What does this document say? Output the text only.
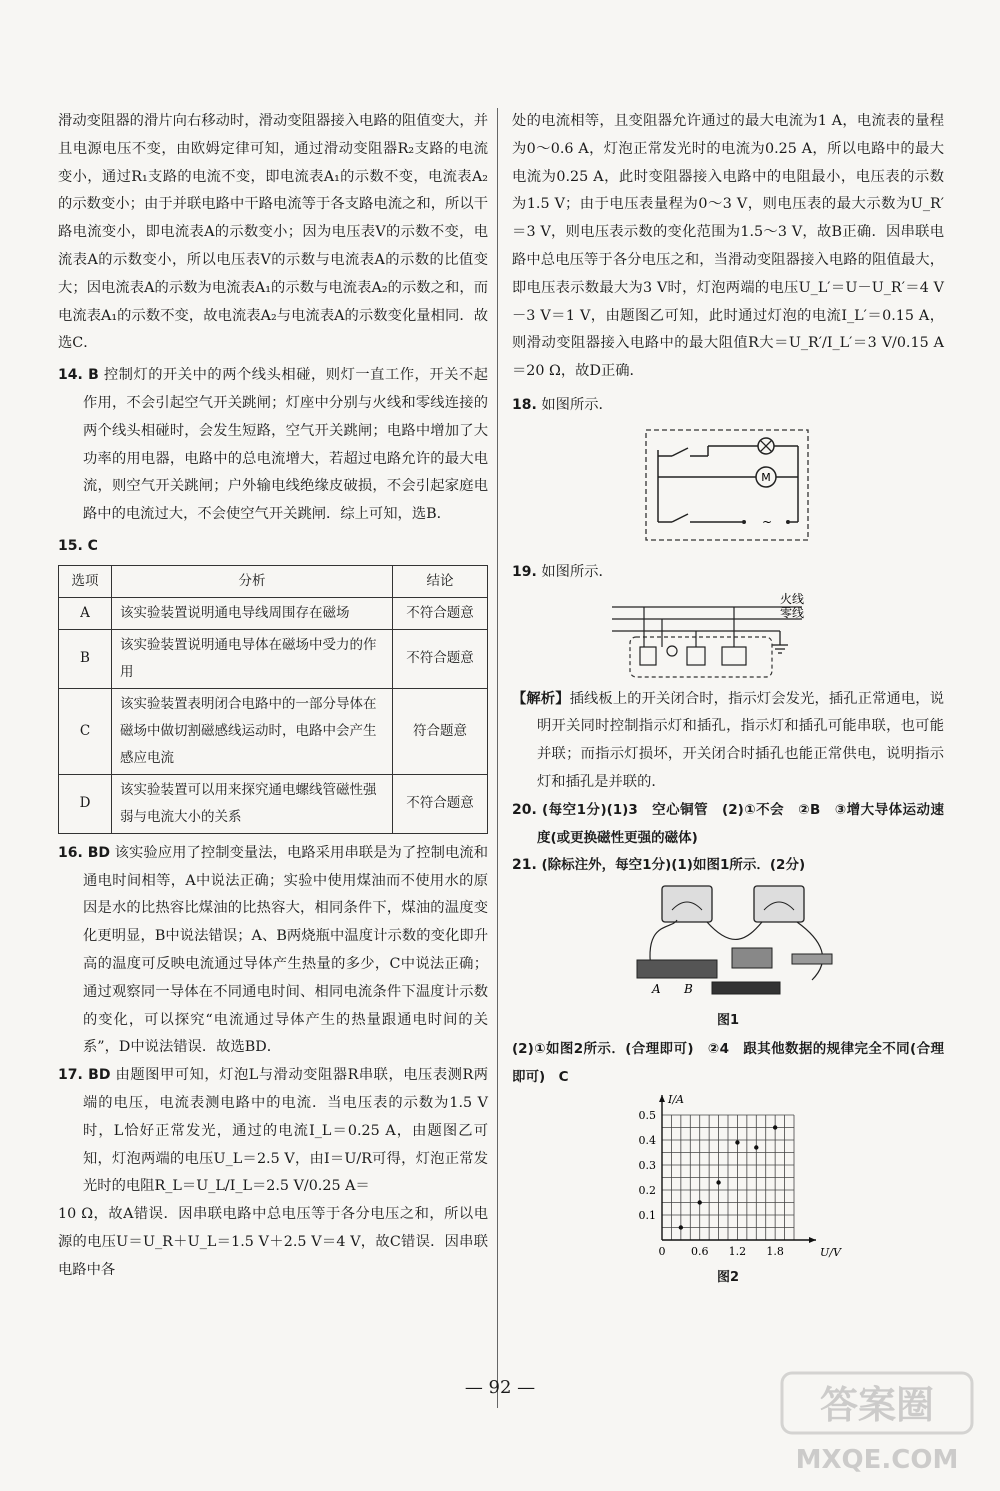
滑动变阻器的滑片向右移动时，滑动变阻器接入电路的阻值变大，并且电源电压不变，由欧姆定律可知，通过滑动变阻器R₂支路的电流变小，通过R₁支路的电流不变，即电流表A₁的示数不变，电流表A₂的示数变小；由于并联电路中干路电流等于各支路电流之和，所以干路电流变小，即电流表A的示数变小；因为电压表V的示数不变，电流表A的示数变小，所以电压表V的示数与电流表A的示数的比值变大；因电流表A的示数为电流表A₁的示数与电流表A₂的示数之和，而电流表A₁的示数不变，故电流表A₂与电流表A的示数变化量相同．故选C．

14. B 控制灯的开关中的两个线头相碰，则灯一直工作，开关不起作用，不会引起空气开关跳闸；灯座中分别与火线和零线连接的两个线头相碰时，会发生短路，空气开关跳闸；电路中增加了大功率的用电器，电路中的总电流增大，若超过电路允许的最大电流，则空气开关跳闸；户外输电线绝缘皮破损，不会引起家庭电路中的电流过大，不会使空气开关跳闸．综上可知，选B．

15. C

选项	分析	结论
A	该实验装置说明通电导线周围存在磁场	不符合题意
B	该实验装置说明通电导体在磁场中受力的作用	不符合题意
C	该实验装置表明闭合电路中的一部分导体在磁场中做切割磁感线运动时，电路中会产生感应电流	符合题意
D	该实验装置可以用来探究通电螺线管磁性强弱与电流大小的关系	不符合题意

16. BD 该实验应用了控制变量法，电路采用串联是为了控制电流和通电时间相等，A中说法正确；实验中使用煤油而不使用水的原因是水的比热容比煤油的比热容大，相同条件下，煤油的温度变化更明显，B中说法错误；A、B两烧瓶中温度计示数的变化即升高的温度可反映电流通过导体产生热量的多少，C中说法正确；通过观察同一导体在不同通电时间、相同电流条件下温度计示数的变化，可以探究“电流通过导体产生的热量跟通电时间的关系”，D中说法错误．故选BD．

17. BD 由题图甲可知，灯泡L与滑动变阻器R串联，电压表测R两端的电压，电流表测电路中的电流．当电压表的示数为1.5 V时，L恰好正常发光，通过的电流I_L＝0.25 A，由题图乙可知，灯泡两端的电压U_L＝2.5 V，由I＝U/R可得，灯泡正常发光时的电阻R_L＝U_L/I_L＝2.5 V/0.25 A＝

10 Ω，故A错误．因串联电路中总电压等于各分电压之和，所以电源的电压U＝U_R＋U_L＝1.5 V＋2.5 V＝4 V，故C错误．因串联电路中各

处的电流相等，且变阻器允许通过的最大电流为1 A，电流表的量程为0～0.6 A，灯泡正常发光时的电流为0.25 A，所以电路中的最大电流为0.25 A，此时变阻器接入电路中的电阻最小，电压表的示数为1.5 V；由于电压表量程为0～3 V，则电压表的最大示数为U_R′＝3 V，则电压表示数的变化范围为1.5～3 V，故B正确．因串联电路中总电压等于各分电压之和，当滑动变阻器接入电路的阻值最大，即电压表示数最大为3 V时，灯泡两端的电压U_L′＝U－U_R′＝4 V－3 V＝1 V，由题图乙可知，此时通过灯泡的电流I_L′＝0.15 A，则滑动变阻器接入电路中的最大阻值R大＝U_R′/I_L′＝3 V/0.15 A＝20 Ω，故D正确．

18. 如图所示．

M
~

19. 如图所示．

火线
零线

【解析】插线板上的开关闭合时，指示灯会发光，插孔正常通电，说明开关同时控制指示灯和插孔，指示灯和插孔可能串联，也可能并联；而指示灯损坏，开关闭合时插孔也能正常供电，说明指示灯和插孔是并联的．

20. (每空1分)(1)3　空心铜管　(2)①不会　②B　③增大导体运动速度(或更换磁性更强的磁体)

21. (除标注外，每空1分)(1)如图1所示．(2分)

A B
图1

(2)①如图2所示．(合理即可)　②4　跟其他数据的规律完全不同(合理即可)　C

0 0.6 1.2 1.8
0.1
0.2
0.3
0.4
0.5
U/V
I/A
图2
— 92 —	答案圈
MXQE.COM
